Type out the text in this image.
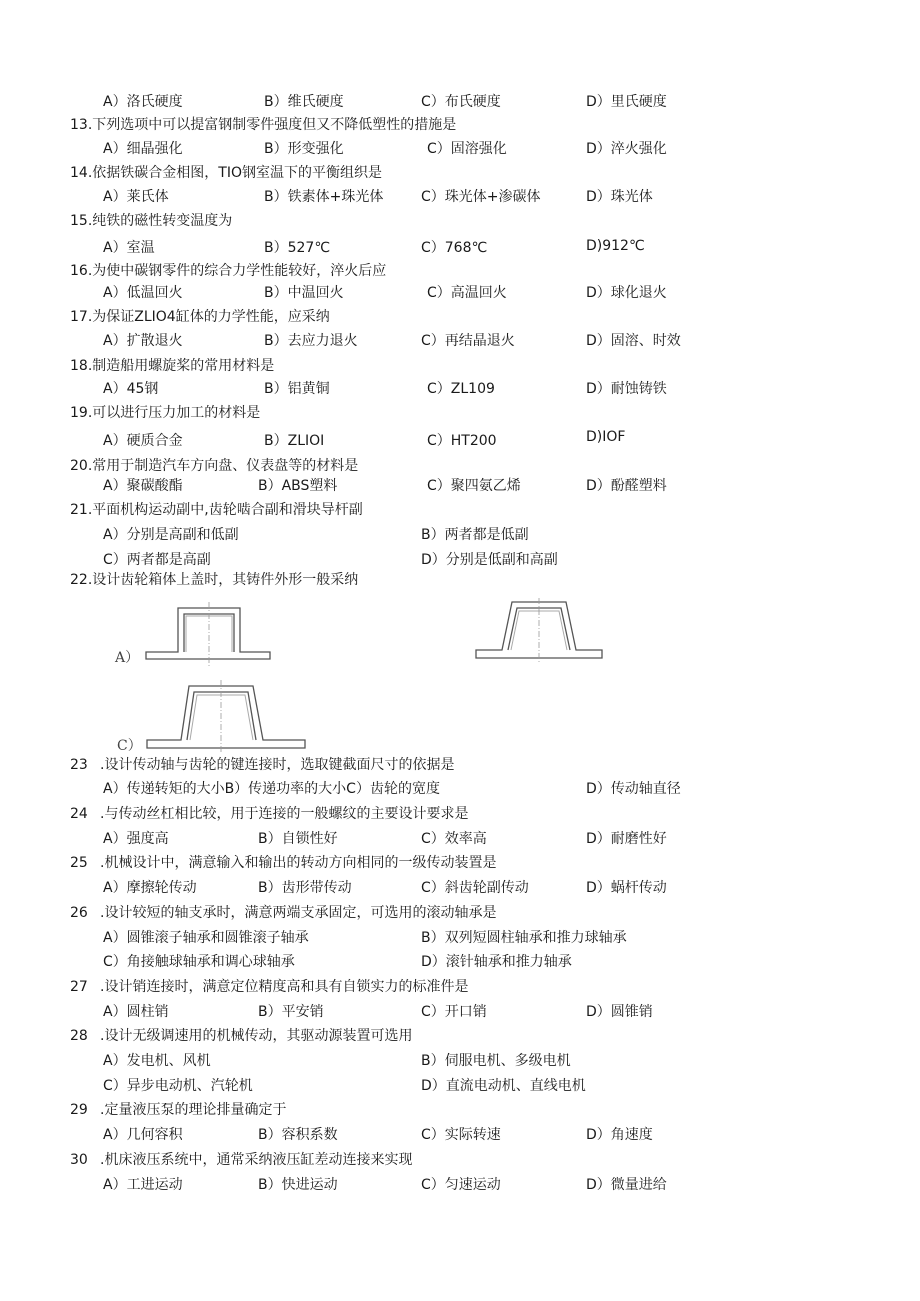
A）洛氏硬度	B）维氏硬度	C）布氏硬度	D）里氏硬度
13.下列选项中可以提富钢制零件强度但又不降低塑性的措施是
A）细晶强化	B）形变强化	C）固溶强化	D）淬火强化
14.依据铁碳合金相图，TIO钢室温下的平衡组织是
A）莱氏体	B）铁素体+珠光体	C）珠光体+渗碳体	D）珠光体
15.纯铁的磁性转变温度为
A）室温	B）527℃	C）768℃	D)912℃
16.为使中碳钢零件的综合力学性能较好，淬火后应
A）低温回火	B）中温回火	C）高温回火	D）球化退火
17.为保证ZLIO4缸体的力学性能，应采纳
A）扩散退火	B）去应力退火	C）再结晶退火	D）固溶、时效
18.制造船用螺旋桨的常用材料是
A）45钢	B）铝黄铜	C）ZL109	D）耐蚀铸铁
19.可以进行压力加工的材料是
A）硬质合金	B）ZLIOI	C）HT200	D)IOF
20.常用于制造汽车方向盘、仪表盘等的材料是
A）聚碳酸酯	B）ABS塑料	C）聚四氨乙烯	D）酚醛塑料
21.平面机构运动副中,齿轮啮合副和滑块导杆副
A）分别是高副和低副	B）两者都是低副
C）两者都是高副	D）分别是低副和高副
22.设计齿轮箱体上盖时，其铸件外形一般采纳
A）
C）
23 .设计传动轴与齿轮的键连接时，选取键截面尺寸的依据是
A）传递转矩的大小B）传递功率的大小C）齿轮的宽度	D）传动轴直径
24 .与传动丝杠相比较，用于连接的一般螺纹的主要设计要求是
A）强度高	B）自锁性好	C）效率高	D）耐磨性好
25 .机械设计中，满意输入和输出的转动方向相同的一级传动装置是
A）摩擦轮传动	B）齿形带传动	C）斜齿轮副传动	D）蜗杆传动
26 .设计较短的轴支承时，满意两端支承固定，可选用的滚动轴承是
A）圆锥滚子轴承和圆锥滚子轴承	B）双列短圆柱轴承和推力球轴承
C）角接触球轴承和调心球轴承	D）滚针轴承和推力轴承
27 .设计销连接时，满意定位精度高和具有自锁实力的标准件是
A）圆柱销	B）平安销	C）开口销	D）圆锥销
28 .设计无级调速用的机械传动，其驱动源装置可选用
A）发电机、风机	B）伺服电机、多级电机
C）异步电动机、汽轮机	D）直流电动机、直线电机
29 .定量液压泵的理论排量确定于
A）几何容积	B）容积系数	C）实际转速	D）角速度
30 .机床液压系统中，通常采纳液压缸差动连接来实现
A）工进运动	B）快进运动	C）匀速运动	D）微量进给
